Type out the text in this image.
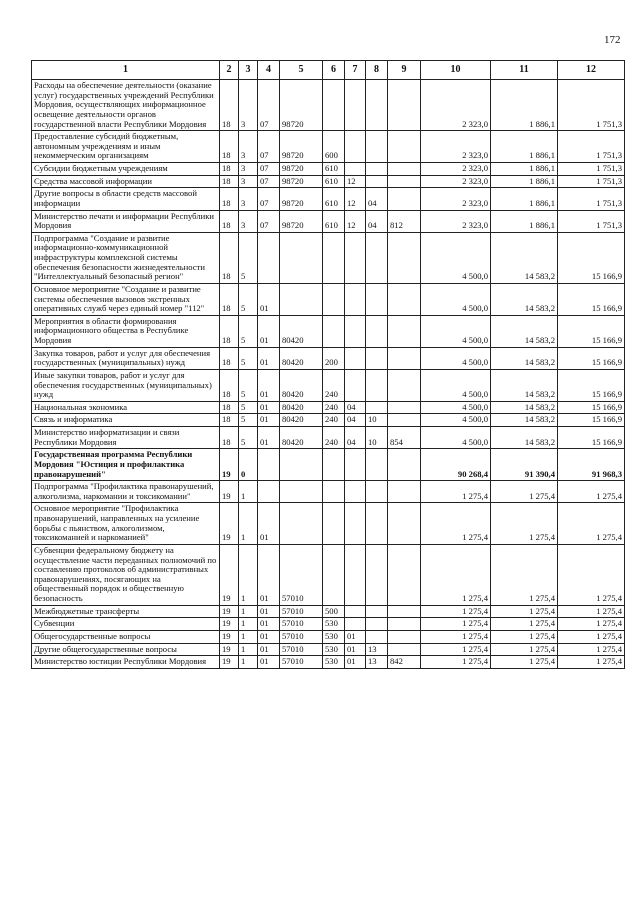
172
1	2	3	4	5	6	7	8	9	10	11	12
Расходы на обеспечение деятельности (оказание услуг) государственных учреждений Республики Мордовия, осуществляющих информационное освещение деятельности органов государственной власти Республики Мордовия	18	3	07	98720					2 323,0	1 886,1	1 751,3
Предоставление субсидий бюджетным, автономным учреждениям и иным некоммерческим организациям	18	3	07	98720	600				2 323,0	1 886,1	1 751,3
Субсидии бюджетным учреждениям	18	3	07	98720	610				2 323,0	1 886,1	1 751,3
Средства массовой информации	18	3	07	98720	610	12			2 323,0	1 886,1	1 751,3
Другие вопросы в области средств массовой информации	18	3	07	98720	610	12	04		2 323,0	1 886,1	1 751,3
Министерство печати и информации Республики Мордовия	18	3	07	98720	610	12	04	812	2 323,0	1 886,1	1 751,3
Подпрограмма "Создание и развитие информационно-коммуникационной инфраструктуры комплексной системы обеспечения безопасности жизнедеятельности "Интеллектуальный безопасный регион"	18	5							4 500,0	14 583,2	15 166,9
Основное мероприятие "Создание и развитие системы обеспечения вызовов экстренных оперативных служб через единый номер "112"	18	5	01						4 500,0	14 583,2	15 166,9
Мероприятия в области формирования информационного общества в Республике Мордовия	18	5	01	80420					4 500,0	14 583,2	15 166,9
Закупка товаров, работ и услуг для обеспечения государственных (муниципальных) нужд	18	5	01	80420	200				4 500,0	14 583,2	15 166,9
Иные закупки товаров, работ и услуг для обеспечения государственных (муниципальных) нужд	18	5	01	80420	240				4 500,0	14 583,2	15 166,9
Национальная экономика	18	5	01	80420	240	04			4 500,0	14 583,2	15 166,9
Связь и информатика	18	5	01	80420	240	04	10		4 500,0	14 583,2	15 166,9
Министерство информатизации и связи Республики Мордовия	18	5	01	80420	240	04	10	854	4 500,0	14 583,2	15 166,9
Государственная программа Республики Мордовия "Юстиция и профилактика правонарушений"	19	0							90 268,4	91 390,4	91 968,3
Подпрограмма "Профилактика правонарушений, алкоголизма, наркомании и токсикомании"	19	1							1 275,4	1 275,4	1 275,4
Основное мероприятие "Профилактика правонарушений, направленных на усиление борьбы с пьянством, алкоголизмом, токсикоманией и наркоманией"	19	1	01						1 275,4	1 275,4	1 275,4
Субвенции федеральному бюджету на осуществление части переданных полномочий по составлению протоколов об административных правонарушениях, посягающих на общественный порядок и общественную безопасность	19	1	01	57010					1 275,4	1 275,4	1 275,4
Межбюджетные трансферты	19	1	01	57010	500				1 275,4	1 275,4	1 275,4
Субвенции	19	1	01	57010	530				1 275,4	1 275,4	1 275,4
Общегосударственные вопросы	19	1	01	57010	530	01			1 275,4	1 275,4	1 275,4
Другие общегосударственные вопросы	19	1	01	57010	530	01	13		1 275,4	1 275,4	1 275,4
Министерство юстиции Республики Мордовия	19	1	01	57010	530	01	13	842	1 275,4	1 275,4	1 275,4
